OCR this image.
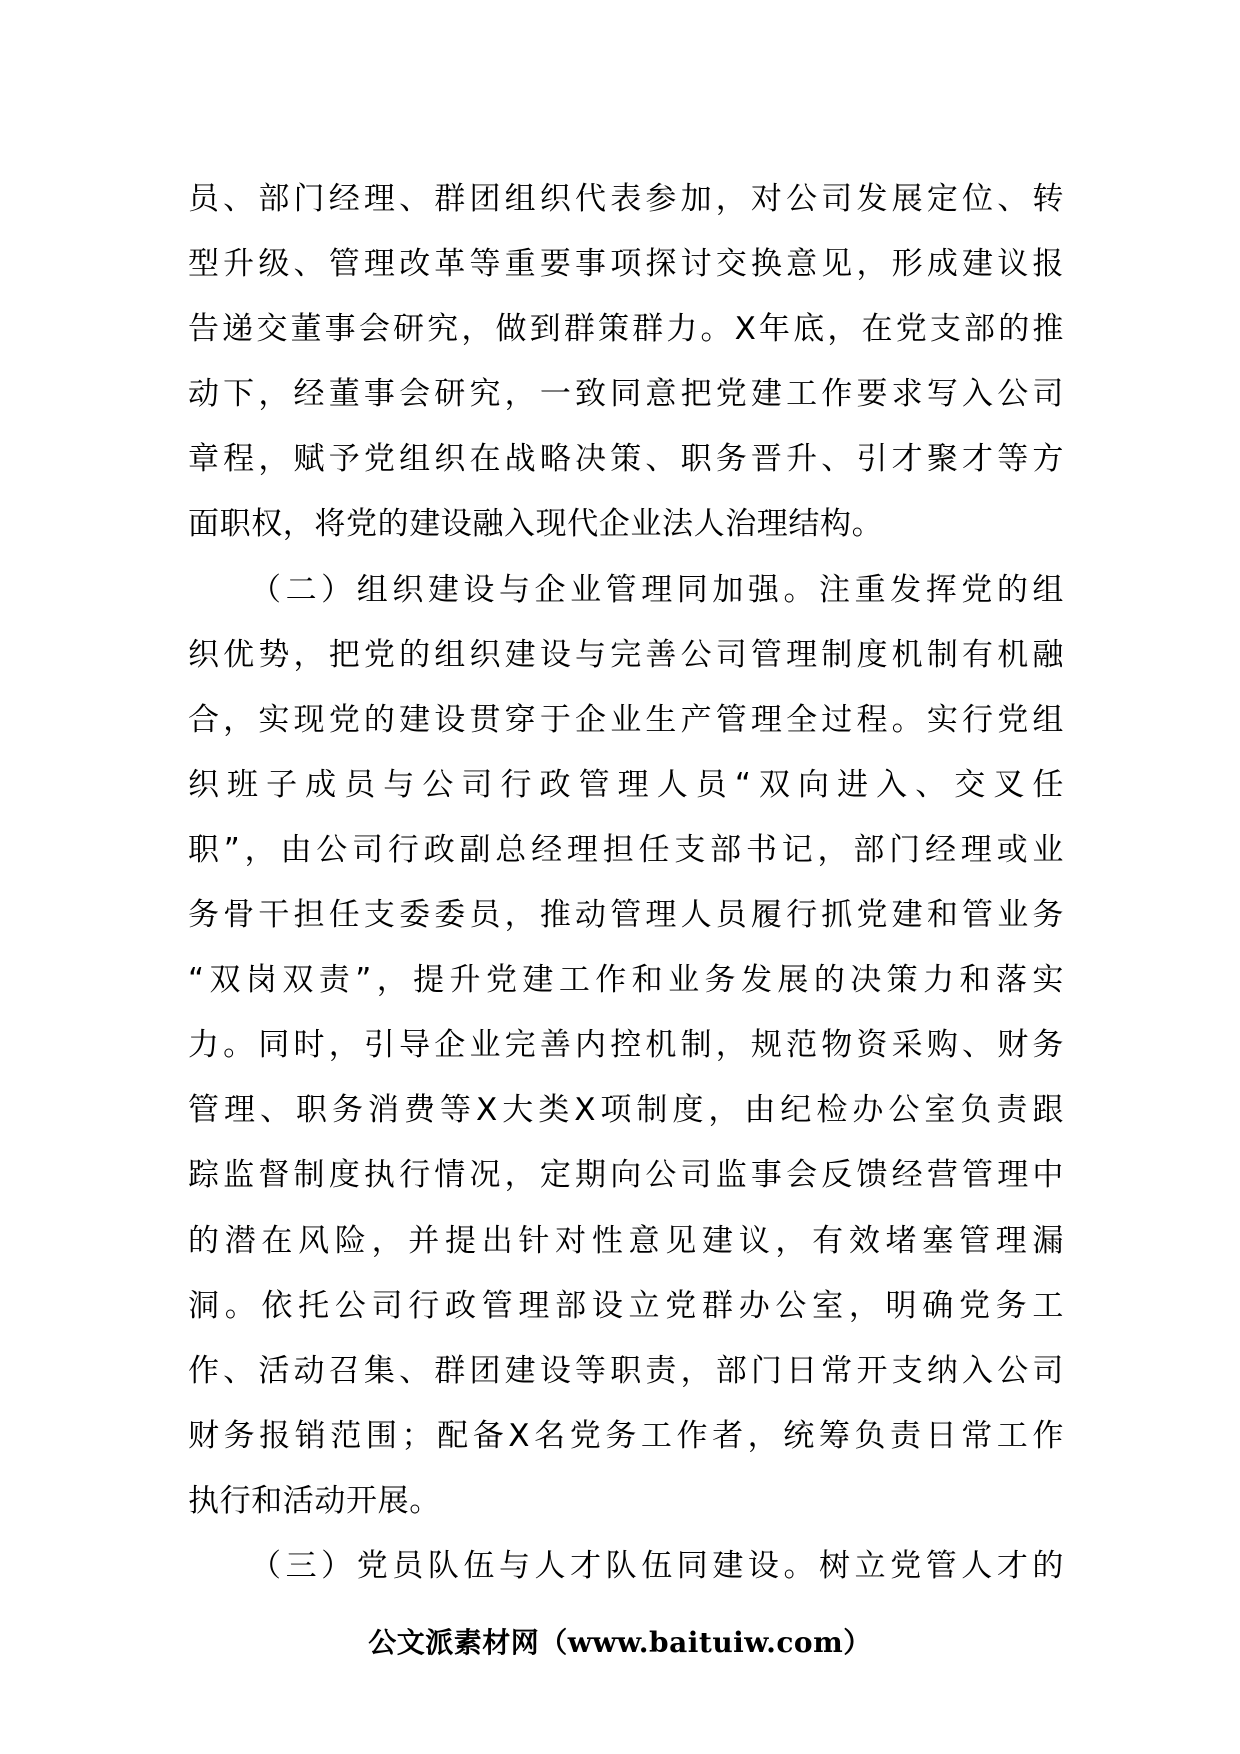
员、部门经理、群团组织代表参加，对公司发展定位、转
型升级、管理改革等重要事项探讨交换意见，形成建议报
告递交董事会研究，做到群策群力。X年底，在党支部的推
动下，经董事会研究，一致同意把党建工作要求写入公司
章程，赋予党组织在战略决策、职务晋升、引才聚才等方
面职权，将党的建设融入现代企业法人治理结构。
（二）组织建设与企业管理同加强。注重发挥党的组
织优势，把党的组织建设与完善公司管理制度机制有机融
合，实现党的建设贯穿于企业生产管理全过程。实行党组
织班子成员与公司行政管理人员“双向进入、交叉任
职”，由公司行政副总经理担任支部书记，部门经理或业
务骨干担任支委委员，推动管理人员履行抓党建和管业务
“双岗双责”，提升党建工作和业务发展的决策力和落实
力。同时，引导企业完善内控机制，规范物资采购、财务
管理、职务消费等X大类X项制度，由纪检办公室负责跟
踪监督制度执行情况，定期向公司监事会反馈经营管理中
的潜在风险，并提出针对性意见建议，有效堵塞管理漏
洞。依托公司行政管理部设立党群办公室，明确党务工
作、活动召集、群团建设等职责，部门日常开支纳入公司
财务报销范围；配备X名党务工作者，统筹负责日常工作
执行和活动开展。
（三）党员队伍与人才队伍同建设。树立党管人才的
公文派素材网（www.baituiw.com）
